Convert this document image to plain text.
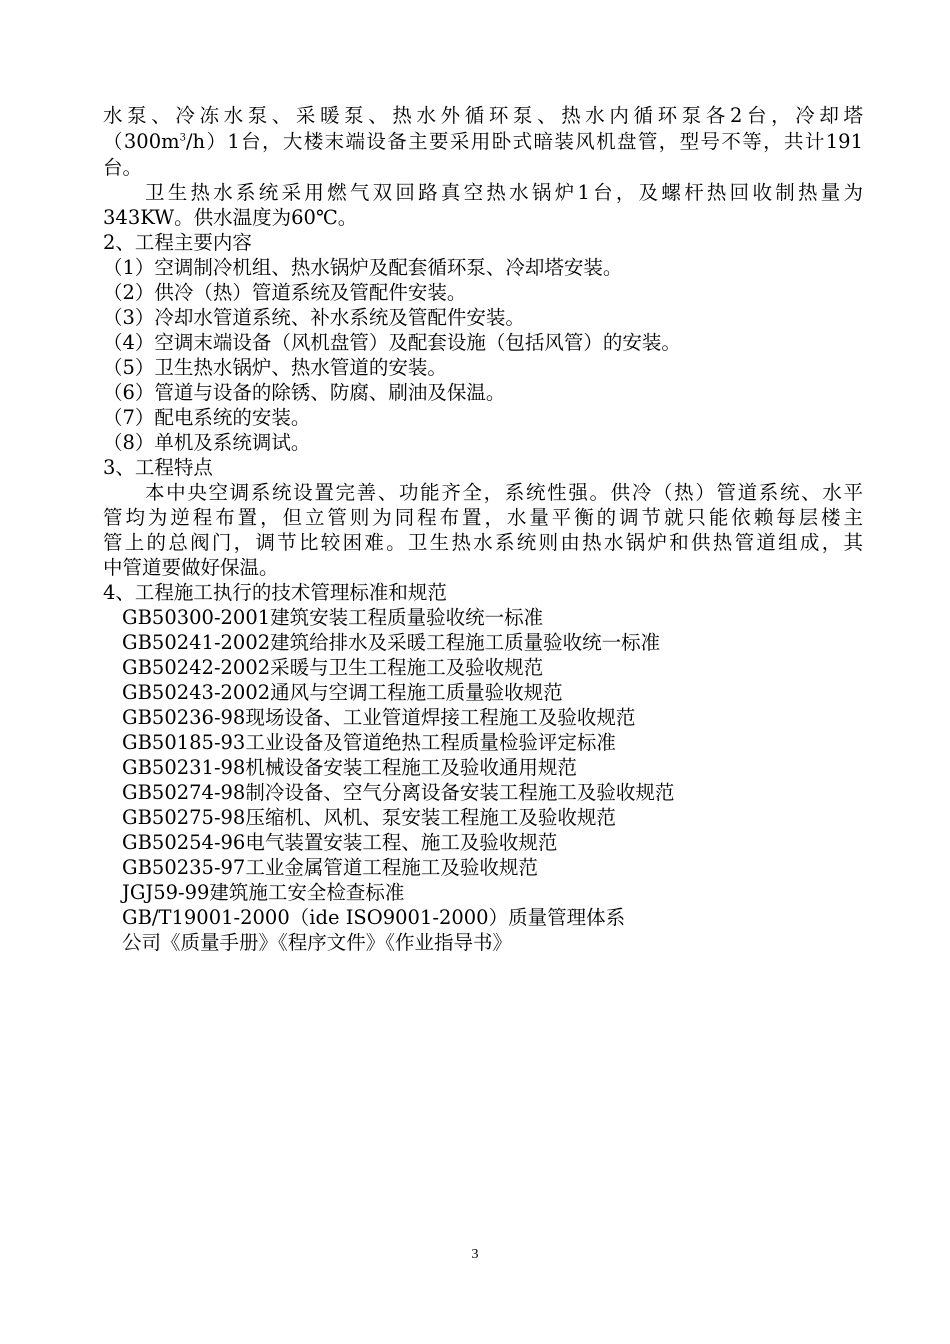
水泵、冷冻水泵、采暖泵、热水外循环泵、热水内循环泵各2台，冷却塔
$(300m^3/h)1$台，大楼末端设备主要采用卧式暗装风机盘管，型号不等，共计191
台。
卫生热水系统采用燃气双回路真空热水锅炉1台，及螺杆热回收制热量为
343KW。供水温度为60℃。
2、工程主要内容
（1）空调制冷机组、热水锅炉及配套循环泵、冷却塔安装。
（2）供冷（热）管道系统及管配件安装。
（3）冷却水管道系统、补水系统及管配件安装。
（4）空调末端设备（风机盘管）及配套设施（包括风管）的安装。
（5）卫生热水锅炉、热水管道的安装。
（6）管道与设备的除锈、防腐、刷油及保温。
（7）配电系统的安装。
（8）单机及系统调试。
3、工程特点
本中央空调系统设置完善、功能齐全，系统性强。供冷（热）管道系统、水平
管均为逆程布置，但立管则为同程布置，水量平衡的调节就只能依赖每层楼主
管上的总阀门，调节比较困难。卫生热水系统则由热水锅炉和供热管道组成，其
中管道要做好保温。
4、工程施工执行的技术管理标准和规范
GB50300-2001建筑安装工程质量验收统一标准
GB50241-2002建筑给排水及采暖工程施工质量验收统一标准
GB50242-2002采暖与卫生工程施工及验收规范
GB50243-2002通风与空调工程施工质量验收规范
GB50236-98现场设备、工业管道焊接工程施工及验收规范
GB50185-93工业设备及管道绝热工程质量检验评定标准
GB50231-98机械设备安装工程施工及验收通用规范
GB50274-98制冷设备、空气分离设备安装工程施工及验收规范
GB50275-98压缩机、风机、泵安装工程施工及验收规范
GB50254-96电气装置安装工程、施工及验收规范
GB50235-97工业金属管道工程施工及验收规范
JGJ59-99建筑施工安全检查标准
GB/T19001-2000（ide ISO9001-2000）质量管理体系
公司《质量手册》《程序文件》《作业指导书》
3
